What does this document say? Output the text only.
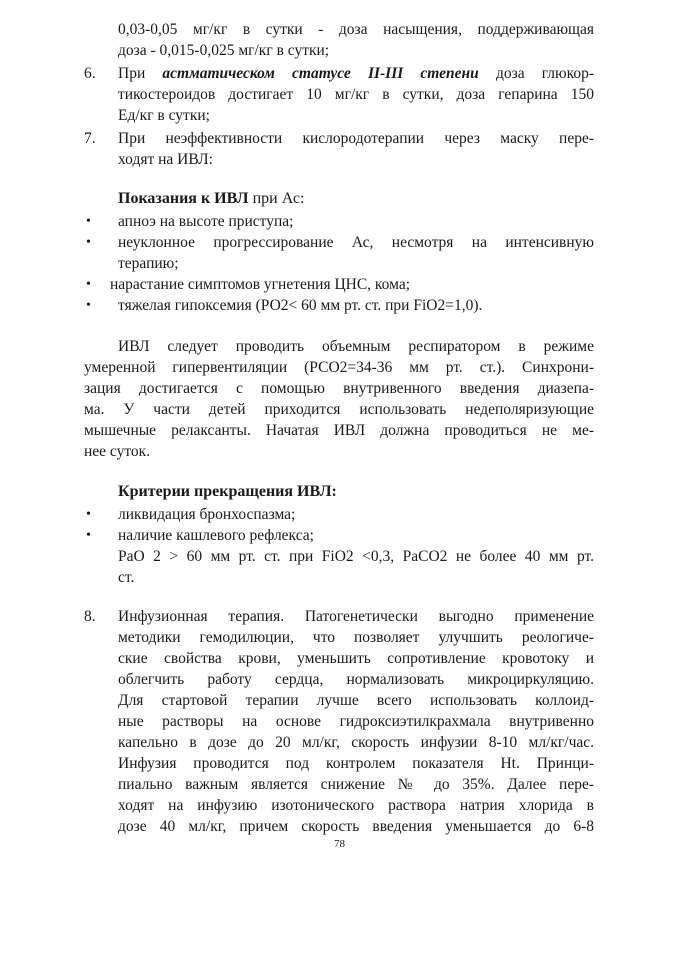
0,03-0,05 мг/кг в сутки - доза насыщения, поддерживающая
доза - 0,015-0,025 мг/кг в сутки;
6. При астматическом статусе II-III степени доза глюкор-
тикостероидов достигает 10 мг/кг в сутки, доза гепарина 150
Ед/кг в сутки;
7. При неэффективности кислородотерапии через маску пере-
ходят на ИВЛ:
Показания к ИВЛ при Ас:
• апноэ на высоте приступа;
• неуклонное прогрессирование Ас, несмотря на интенсивную
терапию;
• нарастание симптомов угнетения ЦНС, кома;
• тяжелая гипоксемия (РО2< 60 мм рт. ст. при FiO2=1,0).
ИВЛ следует проводить объемным респиратором в режиме
умеренной гипервентиляции (РСО2=34-36 мм рт. ст.). Синхрони-
зация достигается с помощью внутривенного введения диазепа-
ма. У части детей приходится использовать недеполяризующие
мышечные релаксанты. Начатая ИВЛ должна проводиться не ме-
нее суток.
Критерии прекращения ИВЛ:
• ликвидация бронхоспазма;
• наличие кашлевого рефлекса;
PaO 2 > 60 мм рт. ст. при FiO2 <0,3, PaCO2 не более 40 мм рт.
ст.
8. Инфузионная терапия. Патогенетически выгодно применение
методики гемодилюции, что позволяет улучшить реологиче-
ские свойства крови, уменьшить сопротивление кровотоку и
облегчить работу сердца, нормализовать микроциркуляцию.
Для стартовой терапии лучше всего использовать коллоид-
ные растворы на основе гидроксиэтилкрахмала внутривенно
капельно в дозе до 20 мл/кг, скорость инфузии 8-10 мл/кг/час.
Инфузия проводится под контролем показателя Ht. Принци-
пиально важным является снижение № до 35%. Далее пере-
ходят на инфузию изотонического раствора натрия хлорида в
дозе 40 мл/кг, причем скорость введения уменьшается до 6-8
78
